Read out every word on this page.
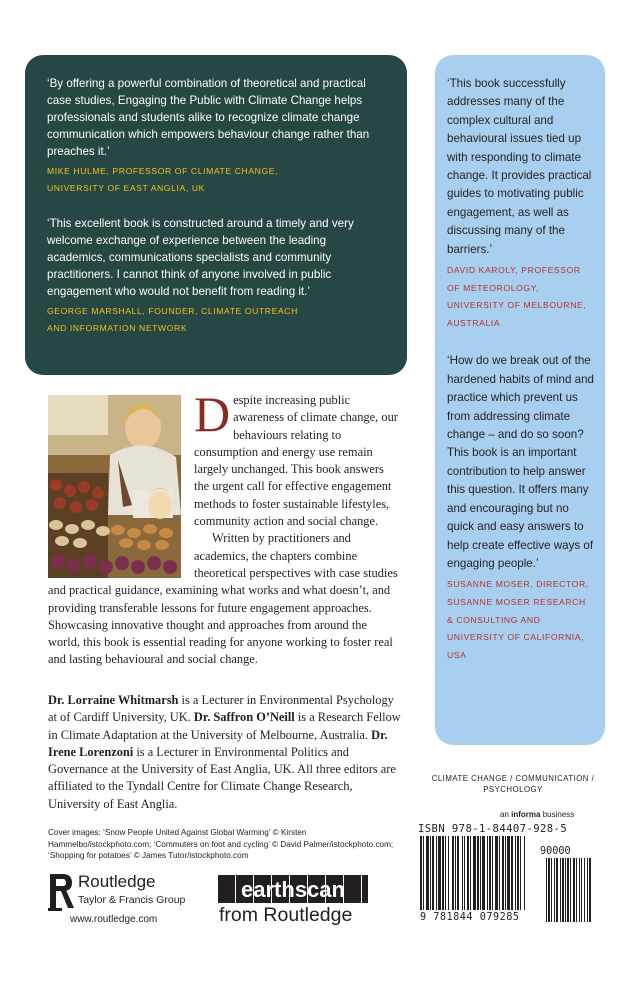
‘By offering a powerful combination of theoretical and practical case studies, Engaging the Public with Climate Change helps professionals and students alike to recognize climate change communication which empowers behaviour change rather than preaches it.’

MIKE HULME, PROFESSOR OF CLIMATE CHANGE,
UNIVERSITY OF EAST ANGLIA, UK

‘This excellent book is constructed around a timely and very welcome exchange of experience between the leading academics, communications specialists and community practitioners. I cannot think of anyone involved in public engagement who would not benefit from reading it.’

GEORGE MARSHALL, FOUNDER, CLIMATE OUTREACH
AND INFORMATION NETWORK

‘This book successfully addresses many of the complex cultural and behavioural issues tied up with responding to climate change. It provides practical guides to motivating public engagement, as well as discussing many of the barriers.’

DAVID KAROLY, PROFESSOR OF METEOROLOGY, UNIVERSITY OF MELBOURNE, AUSTRALIA

‘How do we break out of the hardened habits of mind and practice which prevent us from addressing climate change – and do so soon? This book is an important contribution to help answer this question. It offers many and encouraging but no quick and easy answers to help create effective ways of engaging people.’

SUSANNE MOSER, DIRECTOR, SUSANNE MOSER RESEARCH & CONSULTING AND UNIVERSITY OF CALIFORNIA, USA

Despite increasing public awareness of climate change, our behaviours relating to consumption and energy use remain largely unchanged. This book answers the urgent call for effective engagement methods to foster sustainable lifestyles, community action and social change.

Written by practitioners and academics, the chapters combine theoretical perspectives with case studies and practical guidance, examining what works and what doesn’t, and providing transferable lessons for future engagement approaches. Showcasing innovative thought and approaches from around the world, this book is essential reading for anyone working to foster real and lasting behavioural and social change.

Dr. Lorraine Whitmarsh is a Lecturer in Environmental Psychology at of Cardiff University, UK. Dr. Saffron O’Neill is a Research Fellow in Climate Adaptation at the University of Melbourne, Australia. Dr. Irene Lorenzoni is a Lecturer in Environmental Politics and Governance at the University of East Anglia, UK. All three editors are affiliated to the Tyndall Centre for Climate Change Research, University of East Anglia.
Cover images: ‘Snow People United Against Global Warming’ © Kirsten Hammelbo/istockphoto.com; ‘Commuters on foot and cycling’ © David Palmer/istockphoto.com; ‘Shopping for potatoes’ © James Tutor/istockphoto.com
Routledge
Taylor & Francis Group
www.routledge.com
earthscan
from Routledge
CLIMATE CHANGE / COMMUNICATION /
PSYCHOLOGY
an informa business
ISBN 978-1-84407-928-5
9 781844 079285
90000
